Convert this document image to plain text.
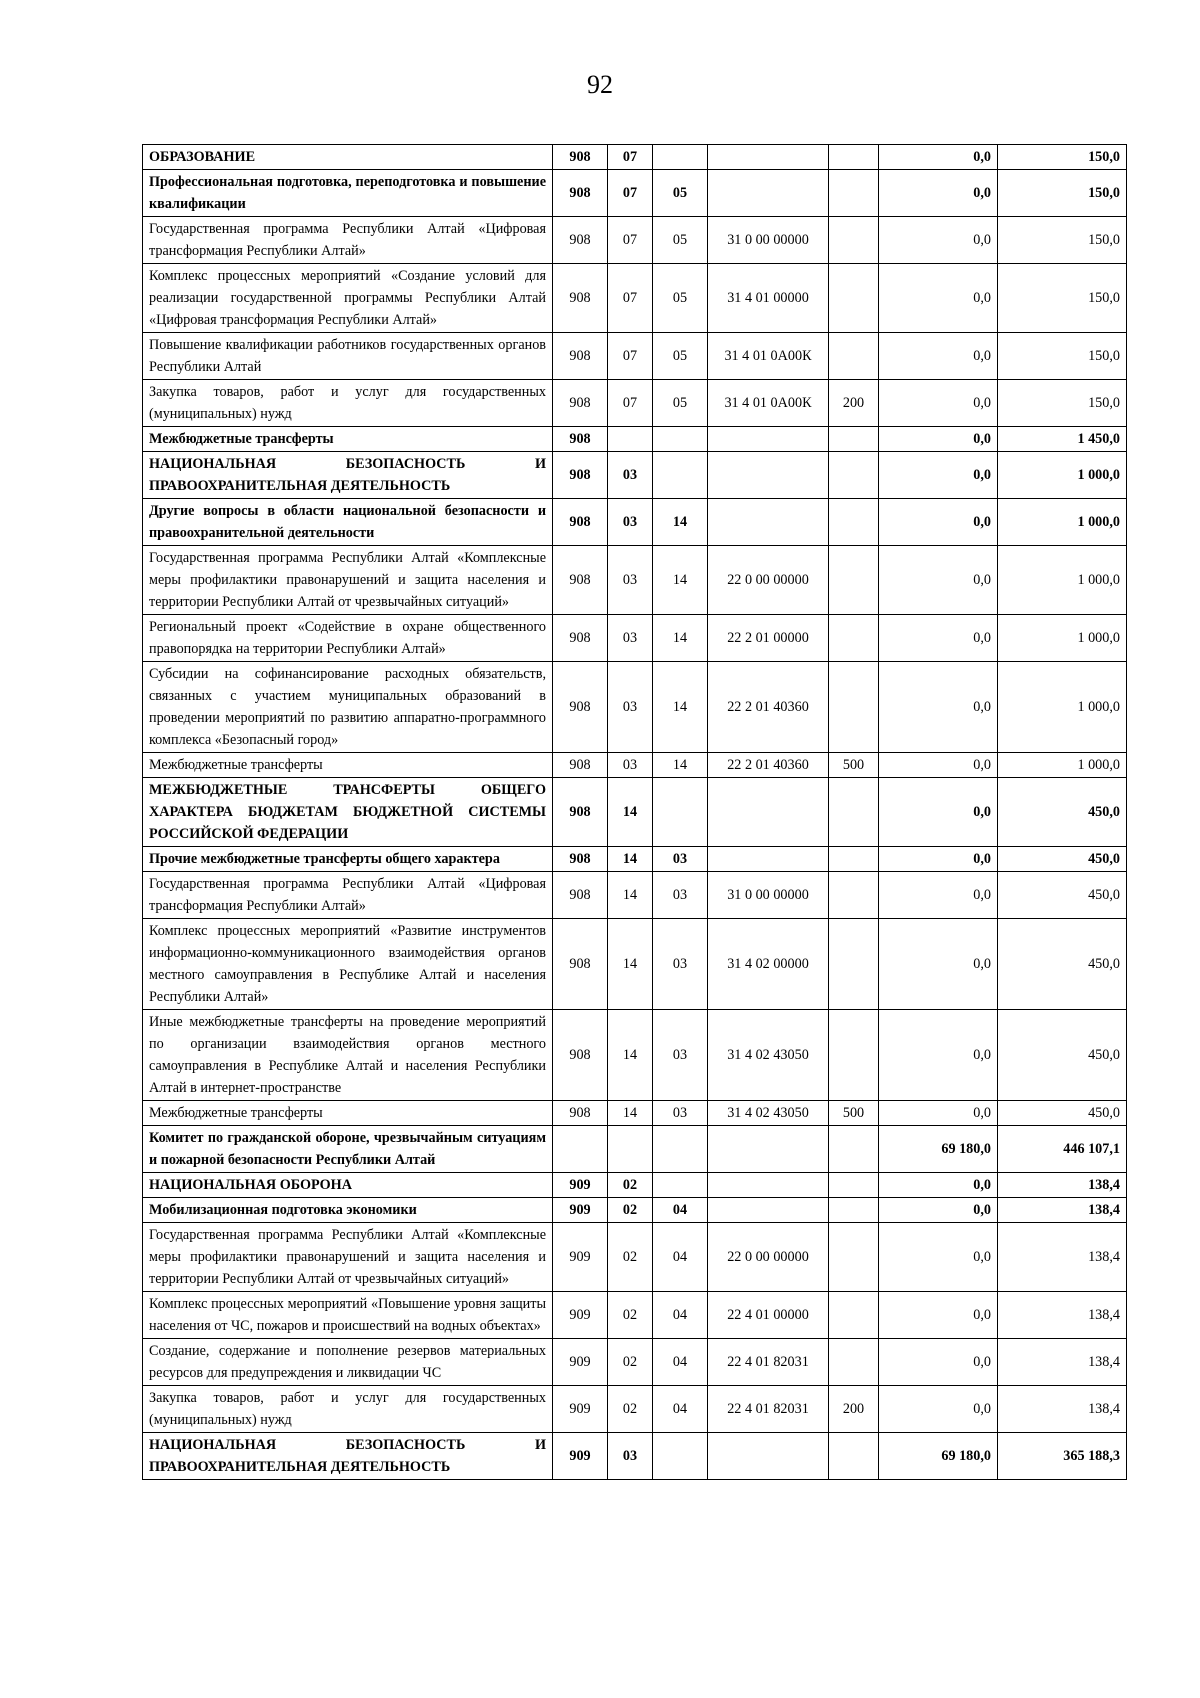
92
ОБРАЗОВАНИЕ	908	07				0,0	150,0
Профессиональная подготовка, переподготовка и повышение квалификации	908	07	05			0,0	150,0
Государственная программа Республики Алтай «Цифровая трансформация Республики Алтай»	908	07	05	31 0 00 00000		0,0	150,0
Комплекс процессных мероприятий «Создание условий для реализации государственной программы Республики Алтай «Цифровая трансформация Республики Алтай»	908	07	05	31 4 01 00000		0,0	150,0
Повышение квалификации работников государственных органов Республики Алтай	908	07	05	31 4 01 0А00К		0,0	150,0
Закупка товаров, работ и услуг для государственных (муниципальных) нужд	908	07	05	31 4 01 0А00К	200	0,0	150,0
Межбюджетные трансферты	908					0,0	1 450,0
НАЦИОНАЛЬНАЯ БЕЗОПАСНОСТЬ И ПРАВООХРАНИТЕЛЬНАЯ ДЕЯТЕЛЬНОСТЬ	908	03				0,0	1 000,0
Другие вопросы в области национальной безопасности и правоохранительной деятельности	908	03	14			0,0	1 000,0
Государственная программа Республики Алтай «Комплексные меры профилактики правонарушений и защита населения и территории Республики Алтай от чрезвычайных ситуаций»	908	03	14	22 0 00 00000		0,0	1 000,0
Региональный проект «Содействие в охране общественного правопорядка на территории Республики Алтай»	908	03	14	22 2 01 00000		0,0	1 000,0
Субсидии на софинансирование расходных обязательств, связанных с участием муниципальных образований в проведении мероприятий по развитию аппаратно-программного комплекса «Безопасный город»	908	03	14	22 2 01 40360		0,0	1 000,0
Межбюджетные трансферты	908	03	14	22 2 01 40360	500	0,0	1 000,0
МЕЖБЮДЖЕТНЫЕ ТРАНСФЕРТЫ ОБЩЕГО ХАРАКТЕРА БЮДЖЕТАМ БЮДЖЕТНОЙ СИСТЕМЫ РОССИЙСКОЙ ФЕДЕРАЦИИ	908	14				0,0	450,0
Прочие межбюджетные трансферты общего характера	908	14	03			0,0	450,0
Государственная программа Республики Алтай «Цифровая трансформация Республики Алтай»	908	14	03	31 0 00 00000		0,0	450,0
Комплекс процессных мероприятий «Развитие инструментов информационно-коммуникационного взаимодействия органов местного самоуправления в Республике Алтай и населения Республики Алтай»	908	14	03	31 4 02 00000		0,0	450,0
Иные межбюджетные трансферты на проведение мероприятий по организации взаимодействия органов местного самоуправления в Республике Алтай и населения Республики Алтай в интернет-пространстве	908	14	03	31 4 02 43050		0,0	450,0
Межбюджетные трансферты	908	14	03	31 4 02 43050	500	0,0	450,0
Комитет по гражданской обороне, чрезвычайным ситуациям и пожарной безопасности Республики Алтай						69 180,0	446 107,1
НАЦИОНАЛЬНАЯ ОБОРОНА	909	02				0,0	138,4
Мобилизационная подготовка экономики	909	02	04			0,0	138,4
Государственная программа Республики Алтай «Комплексные меры профилактики правонарушений и защита населения и территории Республики Алтай от чрезвычайных ситуаций»	909	02	04	22 0 00 00000		0,0	138,4
Комплекс процессных мероприятий «Повышение уровня защиты населения от ЧС, пожаров и происшествий на водных объектах»	909	02	04	22 4 01 00000		0,0	138,4
Создание, содержание и пополнение резервов материальных ресурсов для предупреждения и ликвидации ЧС	909	02	04	22 4 01 82031		0,0	138,4
Закупка товаров, работ и услуг для государственных (муниципальных) нужд	909	02	04	22 4 01 82031	200	0,0	138,4
НАЦИОНАЛЬНАЯ БЕЗОПАСНОСТЬ И ПРАВООХРАНИТЕЛЬНАЯ ДЕЯТЕЛЬНОСТЬ	909	03				69 180,0	365 188,3
